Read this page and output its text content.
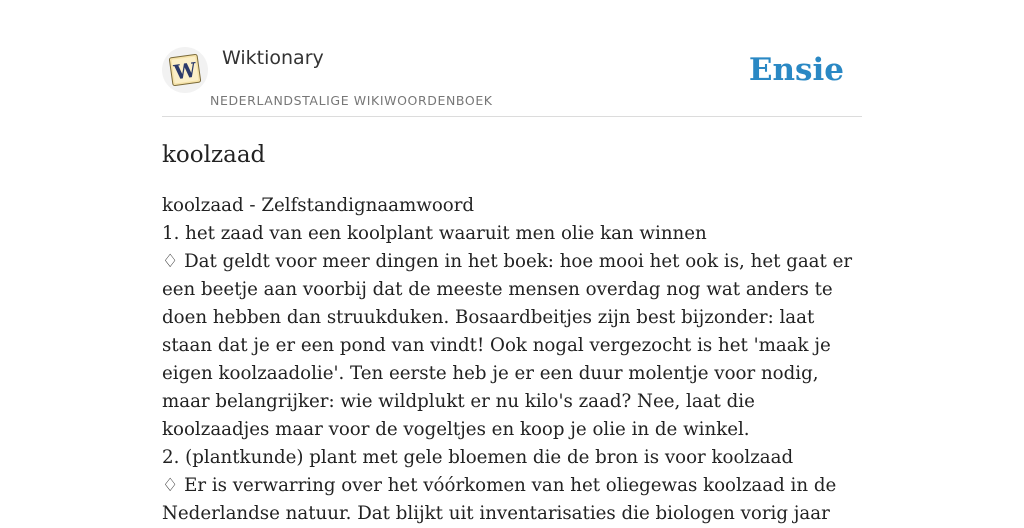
W Wiktionary
NEDERLANDSTALIGE WIKIWOORDENBOEK
Ensie
koolzaad
koolzaad - Zelfstandignaamwoord
1. het zaad van een koolplant waaruit men olie kan winnen
♢ Dat geldt voor meer dingen in het boek: hoe mooi het ook is, het gaat er een beetje aan voorbij dat de meeste mensen overdag nog wat anders te doen hebben dan struukduken. Bosaardbeitjes zijn best bijzonder: laat staan dat je er een pond van vindt! Ook nogal vergezocht is het 'maak je eigen koolzaadolie'. Ten eerste heb je er een duur molentje voor nodig, maar belangrijker: wie wildplukt er nu kilo's zaad? Nee, laat die koolzaadjes maar voor de vogeltjes en koop je olie in de winkel.
2. (plantkunde) plant met gele bloemen die de bron is voor koolzaad
♢ Er is verwarring over het vóórkomen van het oliegewas koolzaad in de Nederlandse natuur. Dat blijkt uit inventarisaties die biologen vorig jaar
